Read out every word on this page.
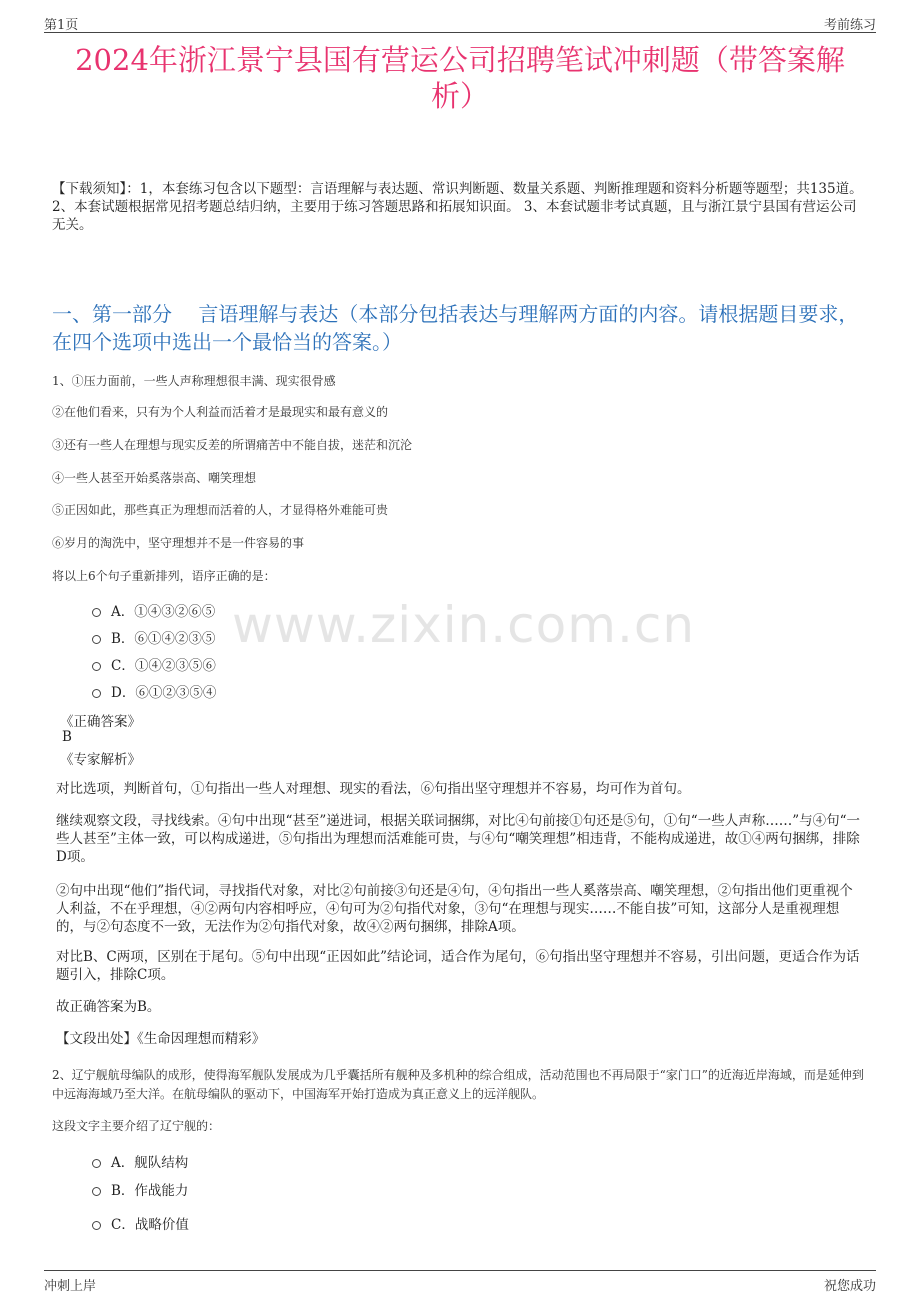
第1页	考前练习
2024年浙江景宁县国有营运公司招聘笔试冲刺题（带答案解析）
【下载须知】：1，本套练习包含以下题型：言语理解与表达题、常识判断题、数量关系题、判断推理题和资料分析题等题型；共135道。 2、本套试题根据常见招考题总结归纳，主要用于练习答题思路和拓展知识面。 3、本套试题非考试真题，且与浙江景宁县国有营运公司无关。
一、第一部分　 言语理解与表达（本部分包括表达与理解两方面的内容。请根据题目要求，在四个选项中选出一个最恰当的答案。）
1、①压力面前，一些人声称理想很丰满、现实很骨感
②在他们看来，只有为个人利益而活着才是最现实和最有意义的
③还有一些人在理想与现实反差的所谓痛苦中不能自拔，迷茫和沉沦
④一些人甚至开始奚落崇高、嘲笑理想
⑤正因如此，那些真正为理想而活着的人，才显得格外难能可贵
⑥岁月的淘洗中，坚守理想并不是一件容易的事
将以上6个句子重新排列，语序正确的是：
A．①④③②⑥⑤
B．⑥①④②③⑤
C．①④②③⑤⑥
D．⑥①②③⑤④
《正确答案》
B
《专家解析》
对比选项，判断首句，①句指出一些人对理想、现实的看法，⑥句指出坚守理想并不容易，均可作为首句。
继续观察文段，寻找线索。④句中出现“甚至”递进词，根据关联词捆绑，对比④句前接①句还是⑤句，①句“一些人声称……”与④句“一些人甚至”主体一致，可以构成递进，⑤句指出为理想而活难能可贵，与④句“嘲笑理想”相违背，不能构成递进，故①④两句捆绑，排除D项。
②句中出现“他们”指代词，寻找指代对象，对比②句前接③句还是④句，④句指出一些人奚落崇高、嘲笑理想，②句指出他们更重视个人利益，不在乎理想，④②两句内容相呼应，④句可为②句指代对象，③句“在理想与现实……不能自拔”可知，这部分人是重视理想的，与②句态度不一致，无法作为②句指代对象，故④②两句捆绑，排除A项。
对比B、C两项，区别在于尾句。⑤句中出现“正因如此”结论词，适合作为尾句，⑥句指出坚守理想并不容易，引出问题，更适合作为话题引入，排除C项。
故正确答案为B。
【文段出处】《生命因理想而精彩》
2、辽宁舰航母编队的成形，使得海军舰队发展成为几乎囊括所有舰种及多机种的综合组成，活动范围也不再局限于“家门口”的近海近岸海域，而是延伸到中远海海域乃至大洋。在航母编队的驱动下，中国海军开始打造成为真正意义上的远洋舰队。
这段文字主要介绍了辽宁舰的：
A．舰队结构
B．作战能力
C．战略价值
www.zixin.com.cn
冲刺上岸	祝您成功
